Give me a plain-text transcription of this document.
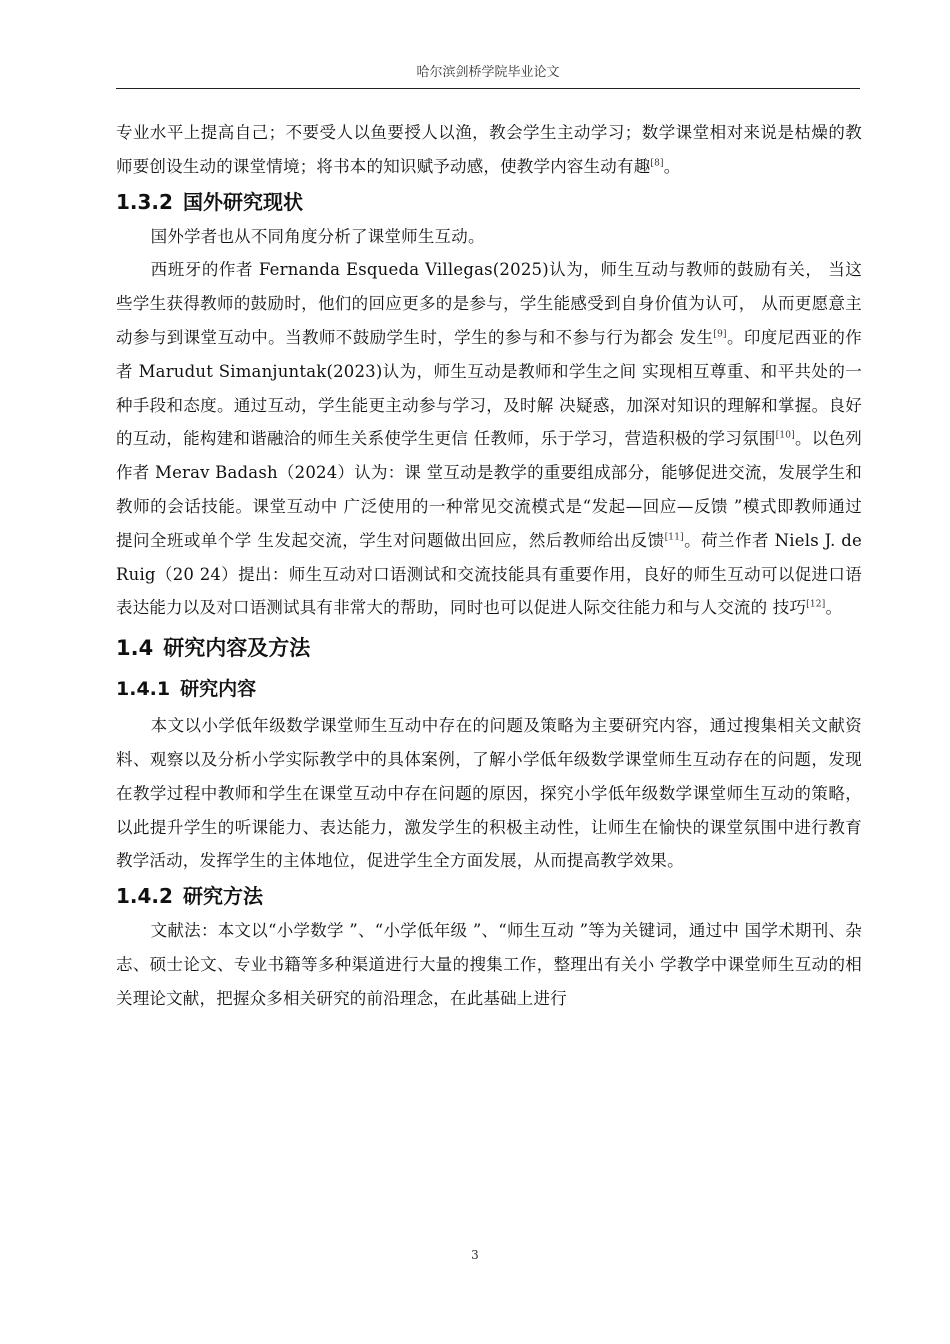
哈尔滨剑桥学院毕业论文

专业水平上提高自己；不要受人以鱼要授人以渔，教会学生主动学习；数学课堂相对来说是枯燥的教师要创设生动的课堂情境；将书本的知识赋予动感，使教学内容生动有趣[8]。

1.3.2 国外研究现状

国外学者也从不同角度分析了课堂师生互动。

西班牙的作者 Fernanda Esqueda Villegas(2025)认为，师生互动与教师的鼓励有关， 当这些学生获得教师的鼓励时，他们的回应更多的是参与，学生能感受到自身价值为认可， 从而更愿意主动参与到课堂互动中。当教师不鼓励学生时，学生的参与和不参与行为都会 发生[9]。印度尼西亚的作者 Marudut Simanjuntak(2023)认为，师生互动是教师和学生之间 实现相互尊重、和平共处的一种手段和态度。通过互动，学生能更主动参与学习，及时解 决疑惑，加深对知识的理解和掌握。良好的互动，能构建和谐融洽的师生关系使学生更信 任教师，乐于学习，营造积极的学习氛围[10]。以色列作者 Merav Badash（2024）认为：课 堂互动是教学的重要组成部分，能够促进交流，发展学生和教师的会话技能。课堂互动中 广泛使用的一种常见交流模式是“发起—回应—反馈 ”模式即教师通过提问全班或单个学 生发起交流，学生对问题做出回应，然后教师给出反馈[11]。荷兰作者 Niels J. de Ruig（20 24）提出：师生互动对口语测试和交流技能具有重要作用，良好的师生互动可以促进口语 表达能力以及对口语测试具有非常大的帮助，同时也可以促进人际交往能力和与人交流的 技巧[12]。

1.4 研究内容及方法
1.4.1 研究内容

本文以小学低年级数学课堂师生互动中存在的问题及策略为主要研究内容，通过搜集相关文献资料、观察以及分析小学实际教学中的具体案例，了解小学低年级数学课堂师生互动存在的问题，发现在教学过程中教师和学生在课堂互动中存在问题的原因，探究小学低年级数学课堂师生互动的策略，以此提升学生的听课能力、表达能力，激发学生的积极主动性，让师生在愉快的课堂氛围中进行教育教学活动，发挥学生的主体地位，促进学生全方面发展，从而提高教学效果。

1.4.2 研究方法

文献法：本文以“小学数学 ”、“小学低年级 ”、“师生互动 ”等为关键词，通过中 国学术期刊、杂志、硕士论文、专业书籍等多种渠道进行大量的搜集工作，整理出有关小 学教学中课堂师生互动的相关理论文献，把握众多相关研究的前沿理念，在此基础上进行

3
